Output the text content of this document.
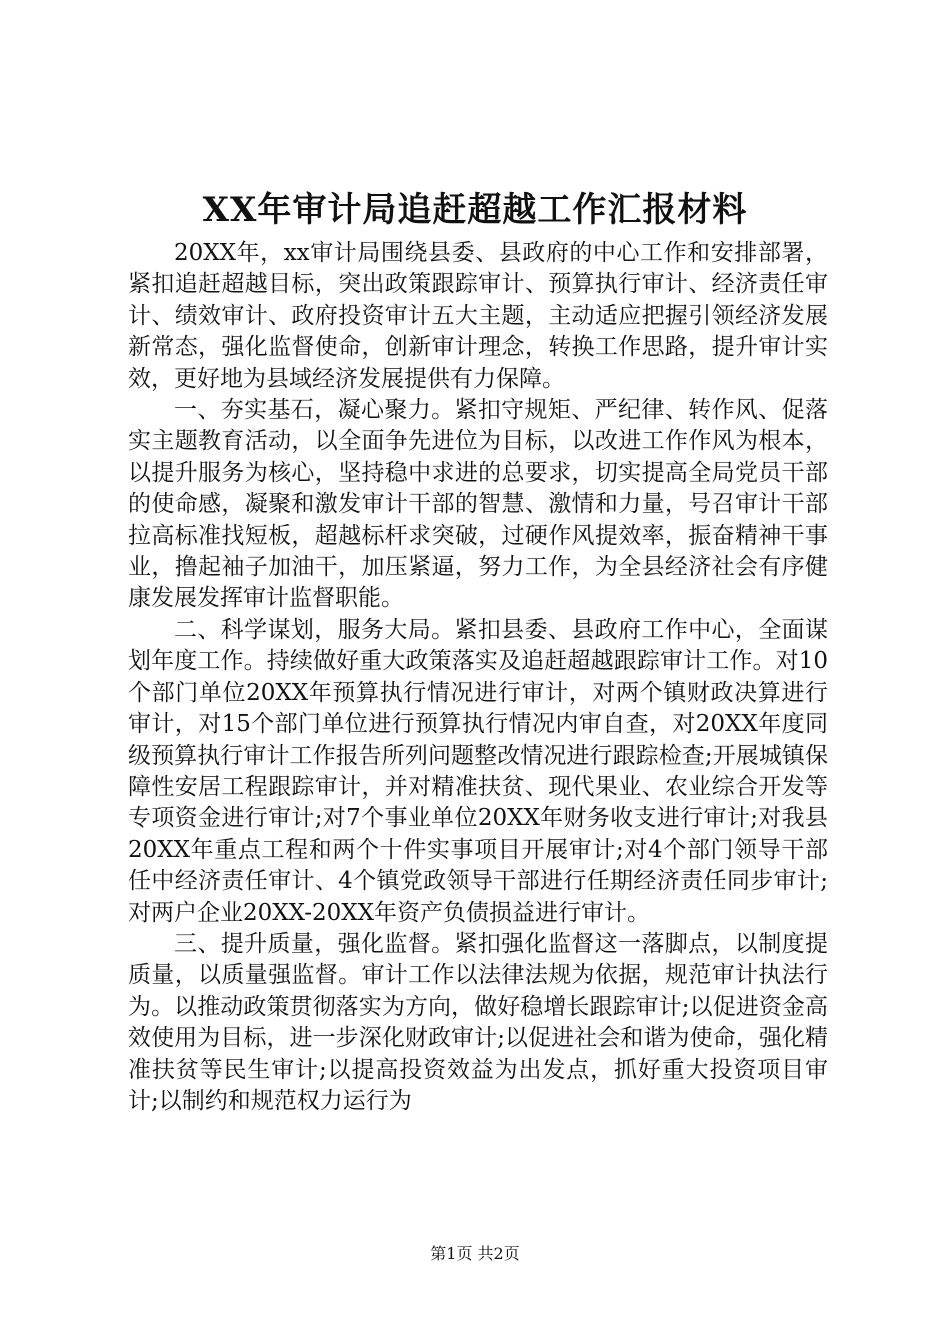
XX年审计局追赶超越工作汇报材料

20XX年，xx审计局围绕县委、县政府的中心工作和安排部署，紧扣追赶超越目标，突出政策跟踪审计、预算执行审计、经济责任审计、绩效审计、政府投资审计五大主题，主动适应把握引领经济发展新常态，强化监督使命，创新审计理念，转换工作思路，提升审计实效，更好地为县域经济发展提供有力保障。

一、夯实基石，凝心聚力。紧扣守规矩、严纪律、转作风、促落实主题教育活动，以全面争先进位为目标，以改进工作作风为根本，以提升服务为核心，坚持稳中求进的总要求，切实提高全局党员干部的使命感，凝聚和激发审计干部的智慧、激情和力量，号召审计干部拉高标准找短板，超越标杆求突破，过硬作风提效率，振奋精神干事业，撸起袖子加油干，加压紧逼，努力工作，为全县经济社会有序健康发展发挥审计监督职能。

二、科学谋划，服务大局。紧扣县委、县政府工作中心，全面谋划年度工作。持续做好重大政策落实及追赶超越跟踪审计工作。对10个部门单位20XX年预算执行情况进行审计，对两个镇财政决算进行审计，对15个部门单位进行预算执行情况内审自查，对20XX年度同级预算执行审计工作报告所列问题整改情况进行跟踪检查;开展城镇保障性安居工程跟踪审计，并对精准扶贫、现代果业、农业综合开发等专项资金进行审计;对7个事业单位20XX年财务收支进行审计;对我县20XX年重点工程和两个十件实事项目开展审计;对4个部门领导干部任中经济责任审计、4个镇党政领导干部进行任期经济责任同步审计;对两户企业20XX-20XX年资产负债损益进行审计。

三、提升质量，强化监督。紧扣强化监督这一落脚点，以制度提质量，以质量强监督。审计工作以法律法规为依据，规范审计执法行为。以推动政策贯彻落实为方向，做好稳增长跟踪审计;以促进资金高效使用为目标，进一步深化财政审计;以促进社会和谐为使命，强化精准扶贫等民生审计;以提高投资效益为出发点，抓好重大投资项目审计;以制约和规范权力运行为

第1页 共2页
